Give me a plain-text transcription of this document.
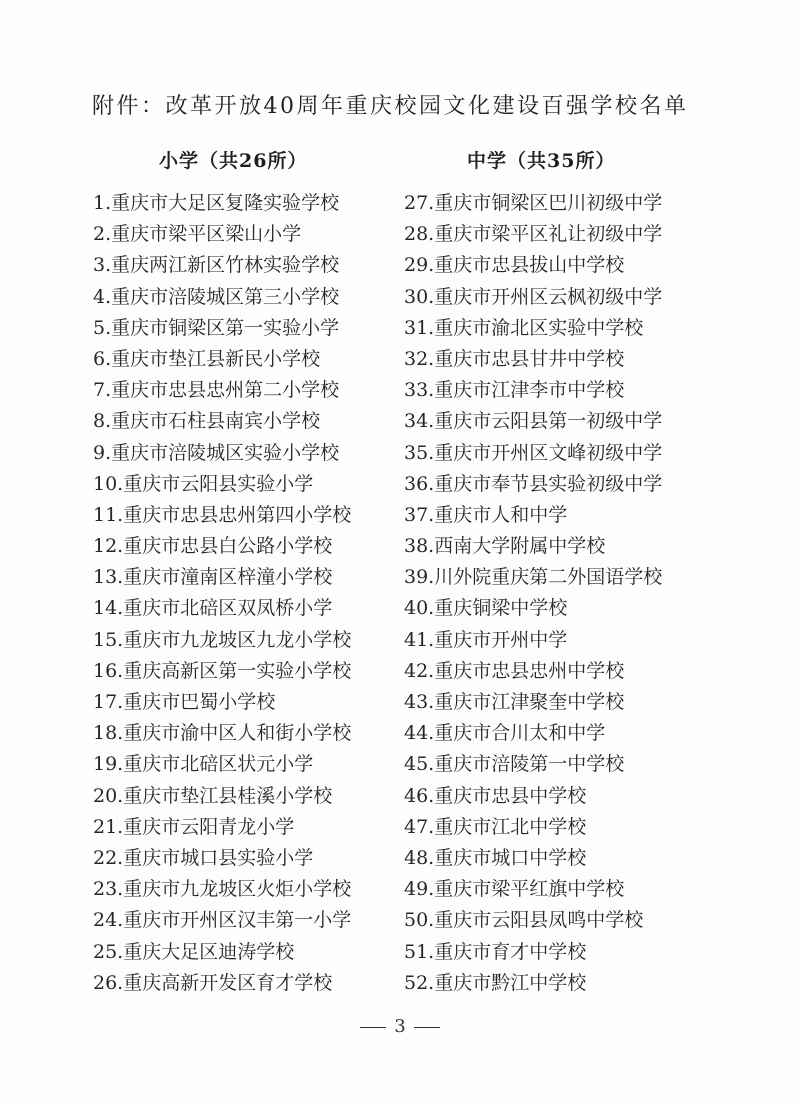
附件：改革开放40周年重庆校园文化建设百强学校名单
小学（共26所）	中学（共35所）
1.重庆市大足区复隆实验学校
2.重庆市梁平区梁山小学
3.重庆两江新区竹林实验学校
4.重庆市涪陵城区第三小学校
5.重庆市铜梁区第一实验小学
6.重庆市垫江县新民小学校
7.重庆市忠县忠州第二小学校
8.重庆市石柱县南宾小学校
9.重庆市涪陵城区实验小学校
10.重庆市云阳县实验小学
11.重庆市忠县忠州第四小学校
12.重庆市忠县白公路小学校
13.重庆市潼南区梓潼小学校
14.重庆市北碚区双凤桥小学
15.重庆市九龙坡区九龙小学校
16.重庆高新区第一实验小学校
17.重庆市巴蜀小学校
18.重庆市渝中区人和街小学校
19.重庆市北碚区状元小学
20.重庆市垫江县桂溪小学校
21.重庆市云阳青龙小学
22.重庆市城口县实验小学
23.重庆市九龙坡区火炬小学校
24.重庆市开州区汉丰第一小学
25.重庆大足区迪涛学校
26.重庆高新开发区育才学校
27.重庆市铜梁区巴川初级中学
28.重庆市梁平区礼让初级中学
29.重庆市忠县拔山中学校
30.重庆市开州区云枫初级中学
31.重庆市渝北区实验中学校
32.重庆市忠县甘井中学校
33.重庆市江津李市中学校
34.重庆市云阳县第一初级中学
35.重庆市开州区文峰初级中学
36.重庆市奉节县实验初级中学
37.重庆市人和中学
38.西南大学附属中学校
39.川外院重庆第二外国语学校
40.重庆铜梁中学校
41.重庆市开州中学
42.重庆市忠县忠州中学校
43.重庆市江津聚奎中学校
44.重庆市合川太和中学
45.重庆市涪陵第一中学校
46.重庆市忠县中学校
47.重庆市江北中学校
48.重庆市城口中学校
49.重庆市梁平红旗中学校
50.重庆市云阳县凤鸣中学校
51.重庆市育才中学校
52.重庆市黔江中学校
3
